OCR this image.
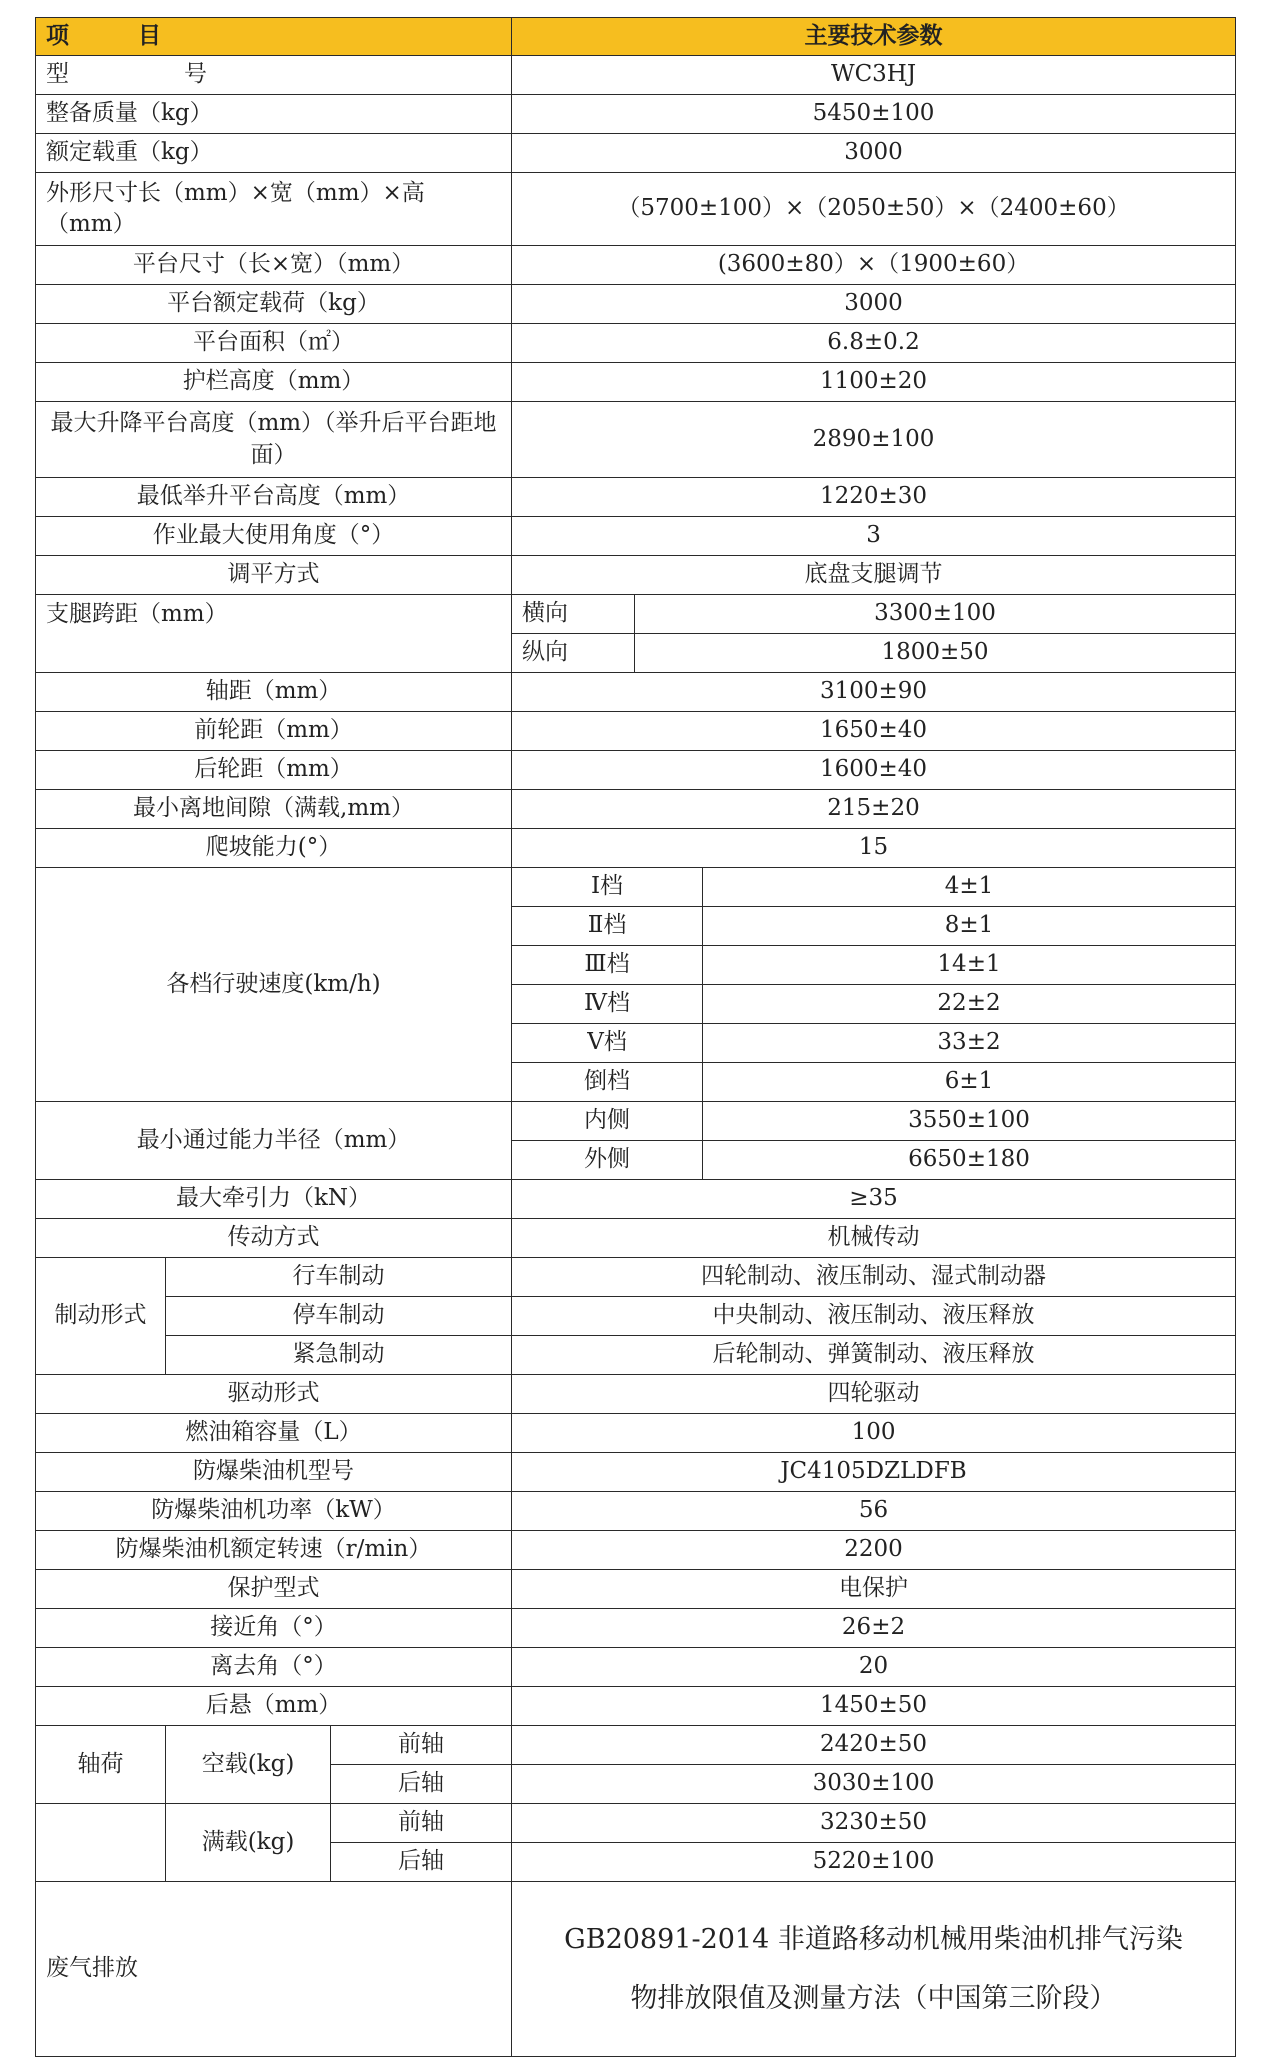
项　　　目			主要技术参数		
型　　　　　号			WC3HJ		
整备质量（kg）			5450±100		
额定载重（kg）			3000		
外形尺寸长（mm）×宽（mm）×高（mm）			（5700±100）×（2050±50）×（2400±60）		
平台尺寸（长×宽）（mm）			(3600±80）×（1900±60）		
平台额定载荷（kg）			3000		
平台面积（㎡）			6.8±0.2		
护栏高度（mm）			1100±20		
最大升降平台高度（mm）（举升后平台距地面）			2890±100		
最低举升平台高度（mm）			1220±30		
作业最大使用角度（°）			3		
调平方式			底盘支腿调节		
支腿跨距（mm）			横向	3300±100	
			纵向	1800±50	
轴距（mm）			3100±90		
前轮距（mm）			1650±40		
后轮距（mm）			1600±40		
最小离地间隙（满载,mm）			215±20		
爬坡能力(°）			15		
各档行驶速度(km/h)			Ⅰ档		4±1
			Ⅱ档		8±1
			Ⅲ档		14±1
			Ⅳ档		22±2
			Ⅴ档		33±2
			倒档		6±1
最小通过能力半径（mm）			内侧		3550±100
			外侧		6650±180
最大牵引力（kN）			≥35		
传动方式			机械传动		
制动形式	行车制动		四轮制动、液压制动、湿式制动器		
	停车制动		中央制动、液压制动、液压释放		
	紧急制动		后轮制动、弹簧制动、液压释放		
驱动形式			四轮驱动		
燃油箱容量（L）			100		
防爆柴油机型号			JC4105DZLDFB		
防爆柴油机功率（kW）			56		
防爆柴油机额定转速（r/min）			2200		
保护型式			电保护		
接近角（°）			26±2		
离去角（°）			20		
后悬（mm）			1450±50		
轴荷	空载(kg)	前轴	2420±50		
		后轴	3030±100		
	满载(kg)	前轴	3230±50		
		后轴	5220±100		
废气排放			GB20891-2014 非道路移动机械用柴油机排气污染
物排放限值及测量方法（中国第三阶段）		
